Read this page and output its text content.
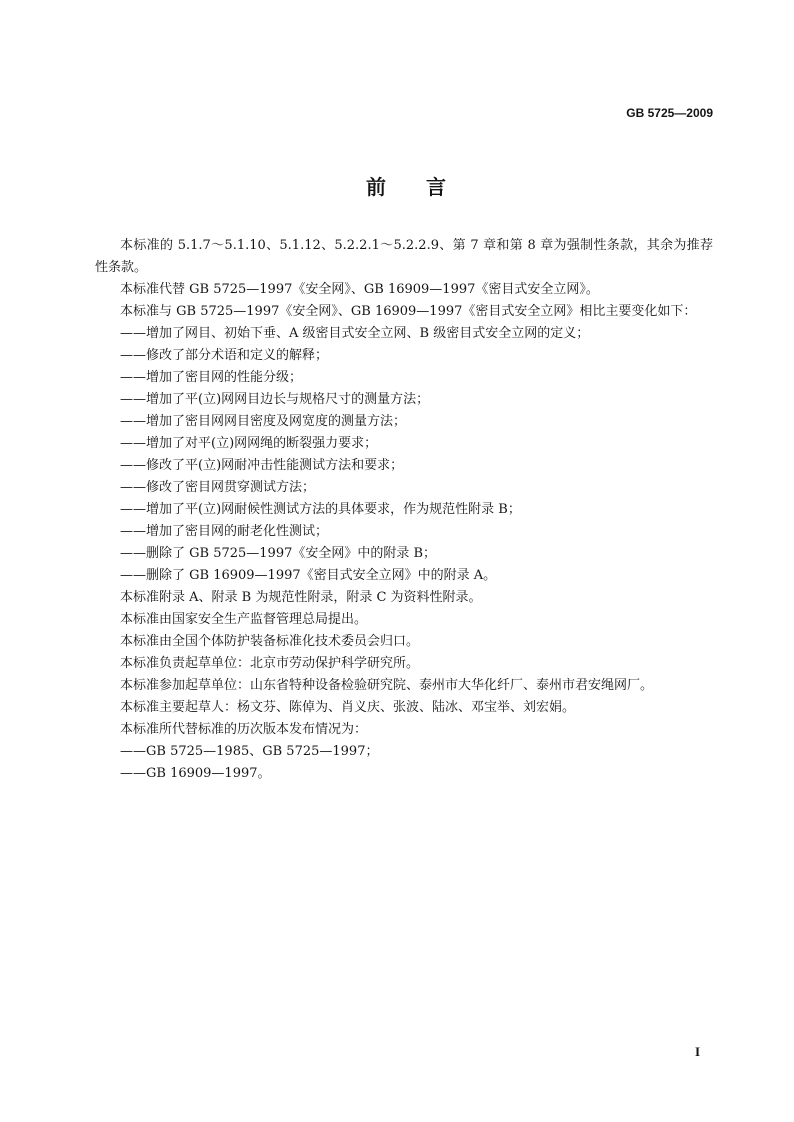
GB 5725—2009
前　言
本标准的 5.1.7～5.1.10、5.1.12、5.2.2.1～5.2.2.9、第 7 章和第 8 章为强制性条款，其余为推荐
性条款。
本标准代替 GB 5725—1997《安全网》、GB 16909—1997《密目式安全立网》。
本标准与 GB 5725—1997《安全网》、GB 16909—1997《密目式安全立网》相比主要变化如下：
——增加了网目、初始下垂、A 级密目式安全立网、B 级密目式安全立网的定义；
——修改了部分术语和定义的解释；
——增加了密目网的性能分级；
——增加了平(立)网网目边长与规格尺寸的测量方法；
——增加了密目网网目密度及网宽度的测量方法；
——增加了对平(立)网网绳的断裂强力要求；
——修改了平(立)网耐冲击性能测试方法和要求；
——修改了密目网贯穿测试方法；
——增加了平(立)网耐候性测试方法的具体要求，作为规范性附录 B；
——增加了密目网的耐老化性测试；
——删除了 GB 5725—1997《安全网》中的附录 B；
——删除了 GB 16909—1997《密目式安全立网》中的附录 A。
本标准附录 A、附录 B 为规范性附录，附录 C 为资料性附录。
本标准由国家安全生产监督管理总局提出。
本标准由全国个体防护装备标准化技术委员会归口。
本标准负责起草单位：北京市劳动保护科学研究所。
本标准参加起草单位：山东省特种设备检验研究院、泰州市大华化纤厂、泰州市君安绳网厂。
本标准主要起草人：杨文芬、陈倬为、肖义庆、张波、陆冰、邓宝举、刘宏娟。
本标准所代替标准的历次版本发布情况为：
——GB 5725—1985、GB 5725—1997；
——GB 16909—1997。
I
